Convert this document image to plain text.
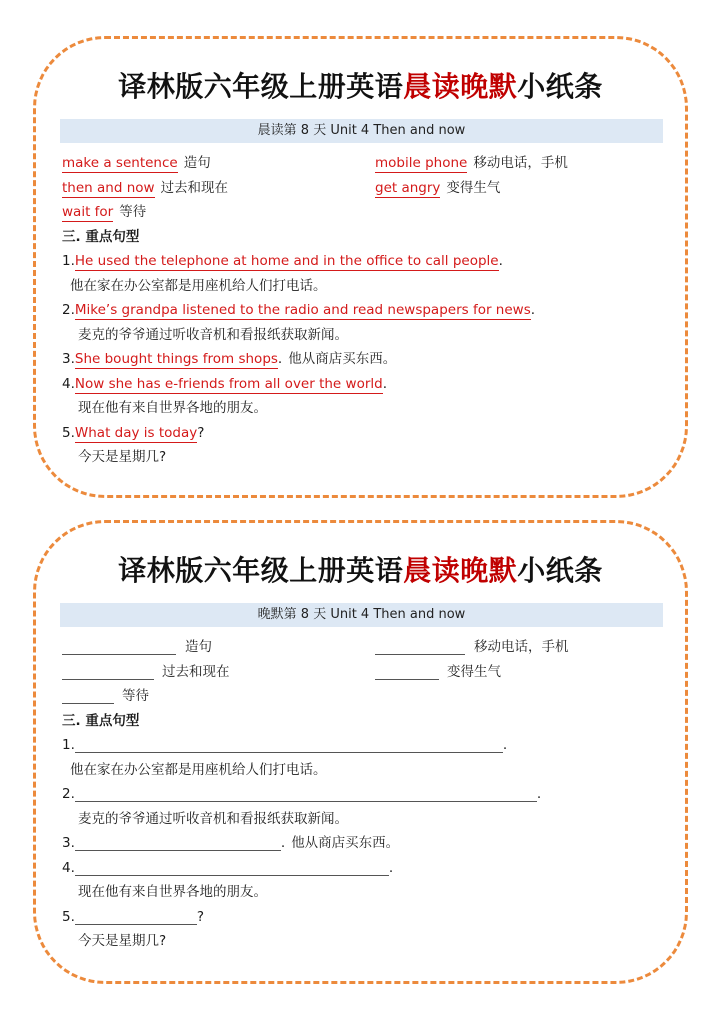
译林版六年级上册英语晨读晚默小纸条
晨读第 8 天 Unit 4 Then and now
make a sentence 造句	mobile phone 移动电话，手机
then and now 过去和现在	get angry 变得生气
wait for 等待
三. 重点句型
1.He used the telephone at home and in the office to call people.
他在家在办公室都是用座机给人们打电话。
2.Mike’s grandpa listened to the radio and read newspapers for news.
麦克的爷爷通过听收音机和看报纸获取新闻。
3.She bought things from shops. 他从商店买东西。
4.Now she has e-friends from all over the world.
现在他有来自世界各地的朋友。
5.What day is today?
今天是星期几?
译林版六年级上册英语晨读晚默小纸条
晚默第 8 天 Unit 4 Then and now
造句	移动电话，手机
过去和现在	变得生气
等待
三. 重点句型
1.	.
他在家在办公室都是用座机给人们打电话。
2.	.
麦克的爷爷通过听收音机和看报纸获取新闻。
3.	. 他从商店买东西。
4.	.
现在他有来自世界各地的朋友。
5.	?
今天是星期几?
